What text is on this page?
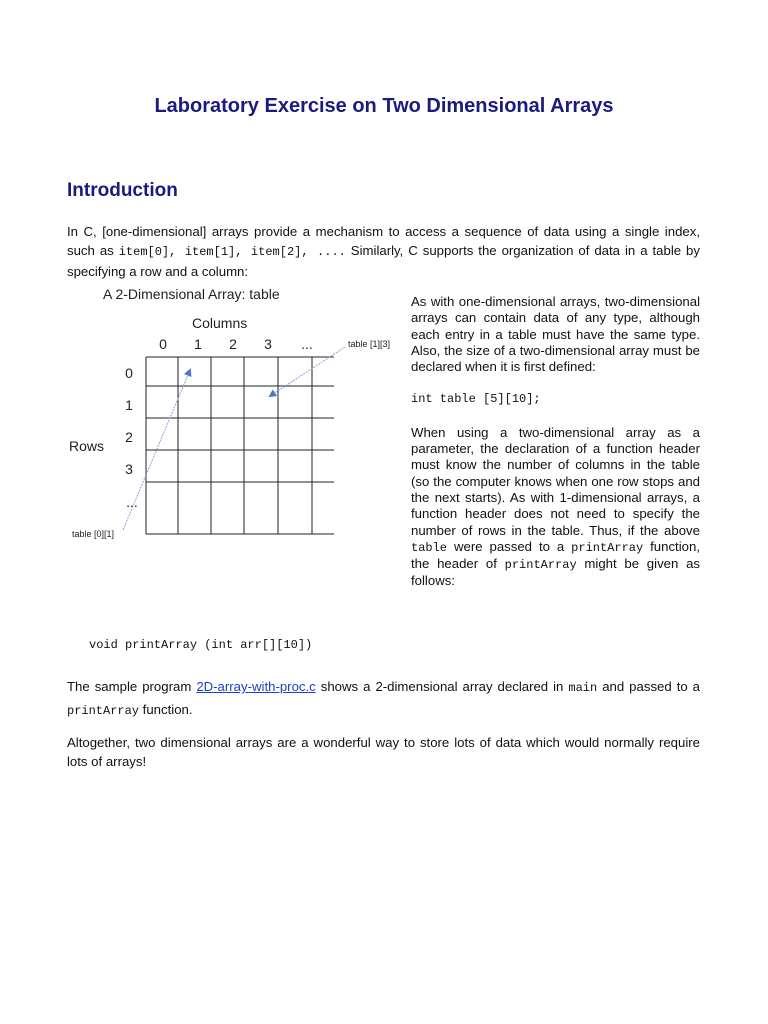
Laboratory Exercise on Two Dimensional Arrays
Introduction
In C, [one-dimensional] arrays provide a mechanism to access a sequence of data using a single index, such as item[0], item[1], item[2], .... Similarly, C supports the organization of data in a table by specifying a row and a column:
A 2-Dimensional Array: table
Columns
Rows
0 1 2 3 ...
0
1
2
3
...
table [1][3]
table [0][1]

As with one-dimensional arrays, two-dimensional arrays can contain data of any type, although each entry in a table must have the same type. Also, the size of a two-dimensional array must be declared when it is first defined:

int table [5][10];

When using a two-dimensional array as a parameter, the declaration of a function header must know the number of columns in the table (so the computer knows when one row stops and the next starts). As with 1-dimensional arrays, a function header does not need to specify the number of rows in the table. Thus, if the above table were passed to a printArray function, the header of printArray might be given as follows:

void printArray (int arr[][10])
The sample program 2D-array-with-proc.c shows a 2-dimensional array declared in main and passed to a printArray function.
Altogether, two dimensional arrays are a wonderful way to store lots of data which would normally require lots of arrays!
